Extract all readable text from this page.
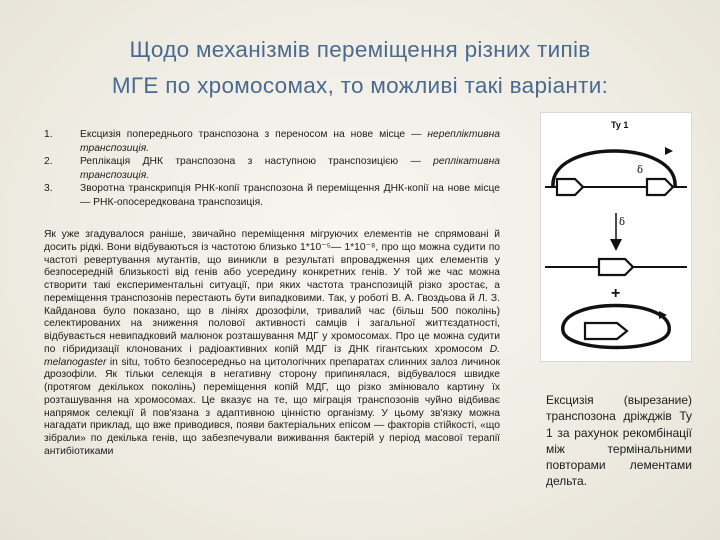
Щодо механізмів переміщення різних типів
МГЕ по хромосомах, то можливі такі варіанти:
1.	Ексцизія попереднього транспозона з переносом на нове місце — нерепліктивна транспозиція.
2.	Реплікація ДНК транспозона з наступною транспозицією — реплікативна транспозиція.
3.	Зворотна транскрипція РНК-копії транспозона й переміщення ДНК-копії на нове місце — РНК-опосередкована транспозиція.

Як уже згадувалося раніше, звичайно переміщення мігруючих елементів не спрямовані й досить рідкі. Вони відбуваються із частотою близько 1*10⁻⁵— 1*10⁻⁸, про що можна судити по частоті ревертування мутантів, що виникли в результаті впровадження цих елементів у безпосередній близькості від генів або усередину конкретних генів. У той же час можна створити такі експериментальні ситуації, при яких частота транспозицій різко зростає, а переміщення транспозонів перестають бути випадковими. Так, у роботі В. А. Гвоздьова й Л. З. Кайданова було показано, що в лініях дрозофіли, тривалий час (більш 500 поколінь) селектированих на зниження полової активності самців і загальної життєздатності, відбувається невипадковий малюнок розташування МДГ у хромосомах. Про це можна судити по гібридизації клонованих і радіоактивних копій МДГ із ДНК гігантських хромосом D. melanogaster in situ, тобто безпосередньо на цитологічних препаратах слинних залоз личинок дрозофіли. Як тільки селекція в негативну сторону припинялася, відбувалося швидке (протягом декількох поколінь) переміщення копій МДГ, що різко змінювало картину їх розташування на хромосомах. Це вказує на те, що міграція транспозонів чуйно відбиває напрямок селекції й пов'язана з адаптивною цінністю організму. У цьому зв'язку можна нагадати приклад, що вже приводився, появи бактеріальних епісом — факторів стійкості, «що зібрали» по декілька генів, що забезпечували виживання бактерій у період масової терапії антибіотиками

Ty 1
δ
δ
+

Ексцизія (вырезание) транспозона дріжджів Ty 1 за рахунок рекомбінації між термінальними повторами лементами дельта.
